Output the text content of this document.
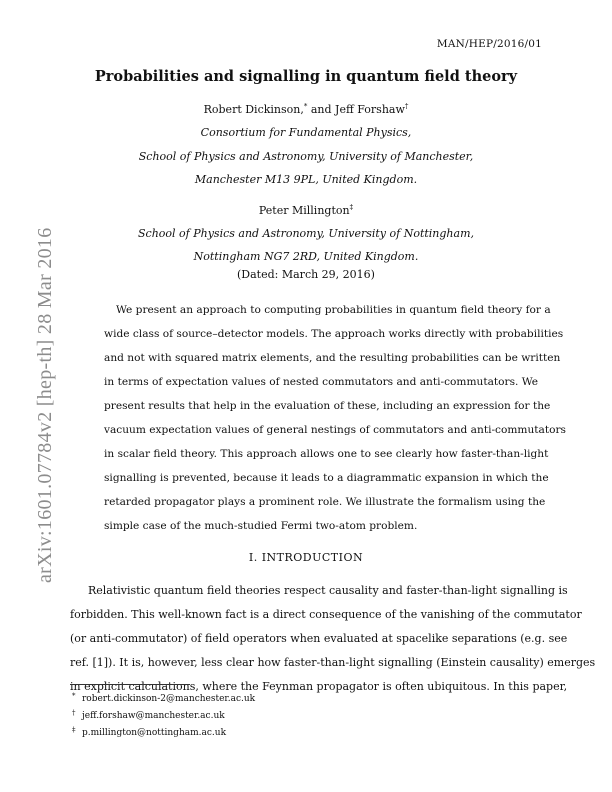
MAN/HEP/2016/01
arXiv:1601.07784v2 [hep-th] 28 Mar 2016
Probabilities and signalling in quantum field theory
Robert Dickinson,* and Jeff Forshaw†
Consortium for Fundamental Physics,
School of Physics and Astronomy, University of Manchester,
Manchester M13 9PL, United Kingdom.
Peter Millington‡
School of Physics and Astronomy, University of Nottingham,
Nottingham NG7 2RD, United Kingdom.
(Dated: March 29, 2016)
We present an approach to computing probabilities in quantum field theory for a
wide class of source–detector models. The approach works directly with probabilities
and not with squared matrix elements, and the resulting probabilities can be written
in terms of expectation values of nested commutators and anti-commutators. We
present results that help in the evaluation of these, including an expression for the
vacuum expectation values of general nestings of commutators and anti-commutators
in scalar field theory. This approach allows one to see clearly how faster-than-light
signalling is prevented, because it leads to a diagrammatic expansion in which the
retarded propagator plays a prominent role. We illustrate the formalism using the
simple case of the much-studied Fermi two-atom problem.
I. INTRODUCTION
Relativistic quantum field theories respect causality and faster-than-light signalling is
forbidden. This well-known fact is a direct consequence of the vanishing of the commutator
(or anti-commutator) of field operators when evaluated at spacelike separations (e.g. see
ref. [1]). It is, however, less clear how faster-than-light signalling (Einstein causality) emerges
in explicit calculations, where the Feynman propagator is often ubiquitous. In this paper,
* robert.dickinson-2@manchester.ac.uk
† jeff.forshaw@manchester.ac.uk
‡ p.millington@nottingham.ac.uk
